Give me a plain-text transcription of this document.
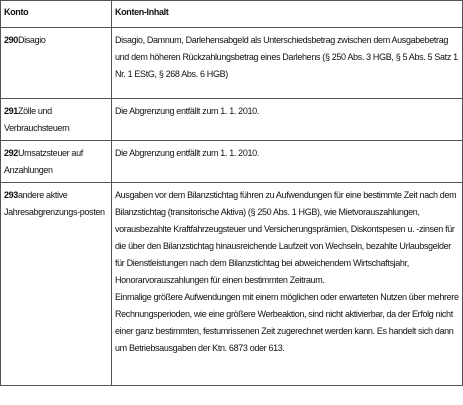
Konto	Konten-Inhalt
290Disagio	Disagio, Damnum, Darlehensabgeld als Unterschiedsbetrag zwischen dem Ausgabebetrag und dem höheren Rückzahlungsbetrag eines Darlehens (§ 250 Abs. 3 HGB, § 5 Abs. 5 Satz 1 Nr. 1 EStG, § 268 Abs. 6 HGB)

291Zölle und Verbrauchsteuern	Die Abgrenzung entfällt zum 1. 1. 2010.

292Umsatzsteuer auf Anzahlungen	Die Abgrenzung entfällt zum 1. 1. 2010.

293andere aktive Jahresabgrenzungs-posten	Ausgaben vor dem Bilanzstichtag führen zu Aufwendungen für eine bestimmte Zeit nach dem Bilanzstichtag (transitorische Aktiva) (§ 250 Abs. 1 HGB), wie Mietvorauszahlungen, vorausbezahlte Kraftfahrzeugsteuer und Versicherungsprämien, Diskontspesen u. -zinsen für die über den Bilanzstichtag hinausreichende Laufzeit von Wechseln, bezahlte Urlaubsgelder für Dienstleistungen nach dem Bilanzstichtag bei abweichendem Wirtschaftsjahr, Honorarvorauszahlungen für einen bestimmten Zeitraum.
Einmalige größere Aufwendungen mit einem möglichen oder erwarteten Nutzen über mehrere Rechnungsperioden, wie eine größere Werbeaktion, sind nicht aktivierbar, da der Erfolg nicht einer ganz bestimmten, festumrissenen Zeit zugerechnet werden kann. Es handelt sich dann um Betriebsausgaben der Ktn. 6873 oder 613.
